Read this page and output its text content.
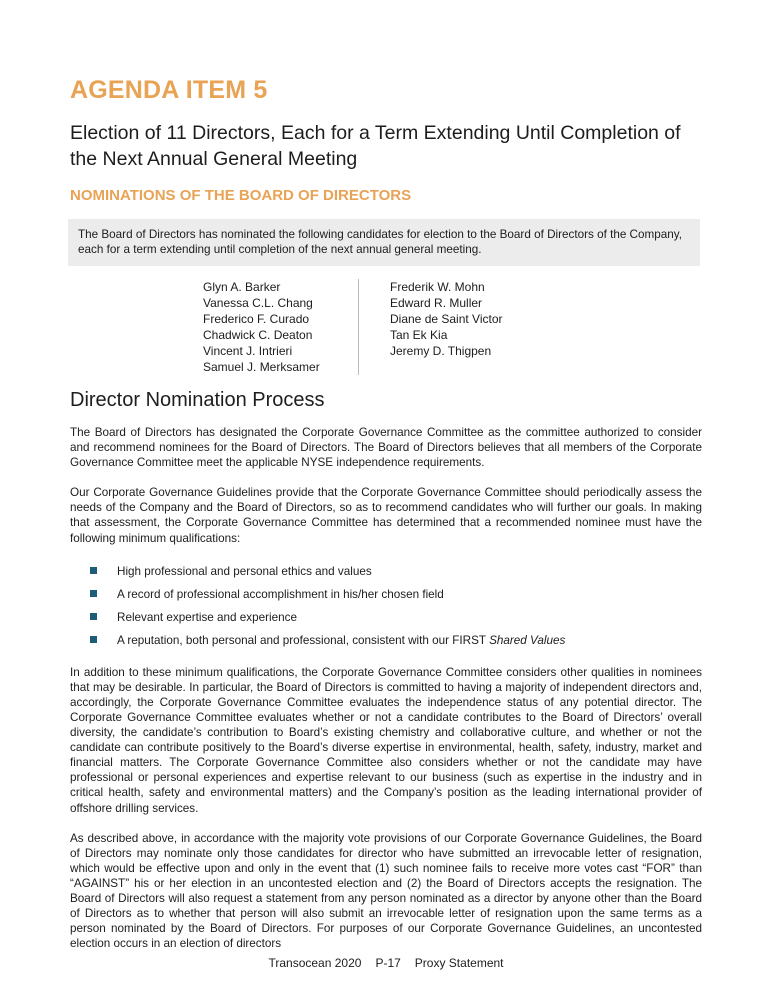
AGENDA ITEM 5
Election of 11 Directors, Each for a Term Extending Until Completion of the Next Annual General Meeting
NOMINATIONS OF THE BOARD OF DIRECTORS
The Board of Directors has nominated the following candidates for election to the Board of Directors of the Company, each for a term extending until completion of the next annual general meeting.
Glyn A. Barker
Vanessa C.L. Chang
Frederico F. Curado
Chadwick C. Deaton
Vincent J. Intrieri
Samuel J. Merksamer
Frederik W. Mohn
Edward R. Muller
Diane de Saint Victor
Tan Ek Kia
Jeremy D. Thigpen
Director Nomination Process

The Board of Directors has designated the Corporate Governance Committee as the committee authorized to consider and recommend nominees for the Board of Directors. The Board of Directors believes that all members of the Corporate Governance Committee meet the applicable NYSE independence requirements.

Our Corporate Governance Guidelines provide that the Corporate Governance Committee should periodically assess the needs of the Company and the Board of Directors, so as to recommend candidates who will further our goals. In making that assessment, the Corporate Governance Committee has determined that a recommended nominee must have the following minimum qualifications:

High professional and personal ethics and values
A record of professional accomplishment in his/her chosen field
Relevant expertise and experience
A reputation, both personal and professional, consistent with our FIRST Shared Values

In addition to these minimum qualifications, the Corporate Governance Committee considers other qualities in nominees that may be desirable. In particular, the Board of Directors is committed to having a majority of independent directors and, accordingly, the Corporate Governance Committee evaluates the independence status of any potential director. The Corporate Governance Committee evaluates whether or not a candidate contributes to the Board of Directors’ overall diversity, the candidate’s contribution to Board’s existing chemistry and collaborative culture, and whether or not the candidate can contribute positively to the Board’s diverse expertise in environmental, health, safety, industry, market and financial matters. The Corporate Governance Committee also considers whether or not the candidate may have professional or personal experiences and expertise relevant to our business (such as expertise in the industry and in critical health, safety and environmental matters) and the Company’s position as the leading international provider of offshore drilling services.

As described above, in accordance with the majority vote provisions of our Corporate Governance Guidelines, the Board of Directors may nominate only those candidates for director who have submitted an irrevocable letter of resignation, which would be effective upon and only in the event that (1) such nominee fails to receive more votes cast “FOR” than “AGAINST” his or her election in an uncontested election and (2) the Board of Directors accepts the resignation. The Board of Directors will also request a statement from any person nominated as a director by anyone other than the Board of Directors as to whether that person will also submit an irrevocable letter of resignation upon the same terms as a person nominated by the Board of Directors. For purposes of our Corporate Governance Guidelines, an uncontested election occurs in an election of directors

Transocean 2020 P-17 Proxy Statement
